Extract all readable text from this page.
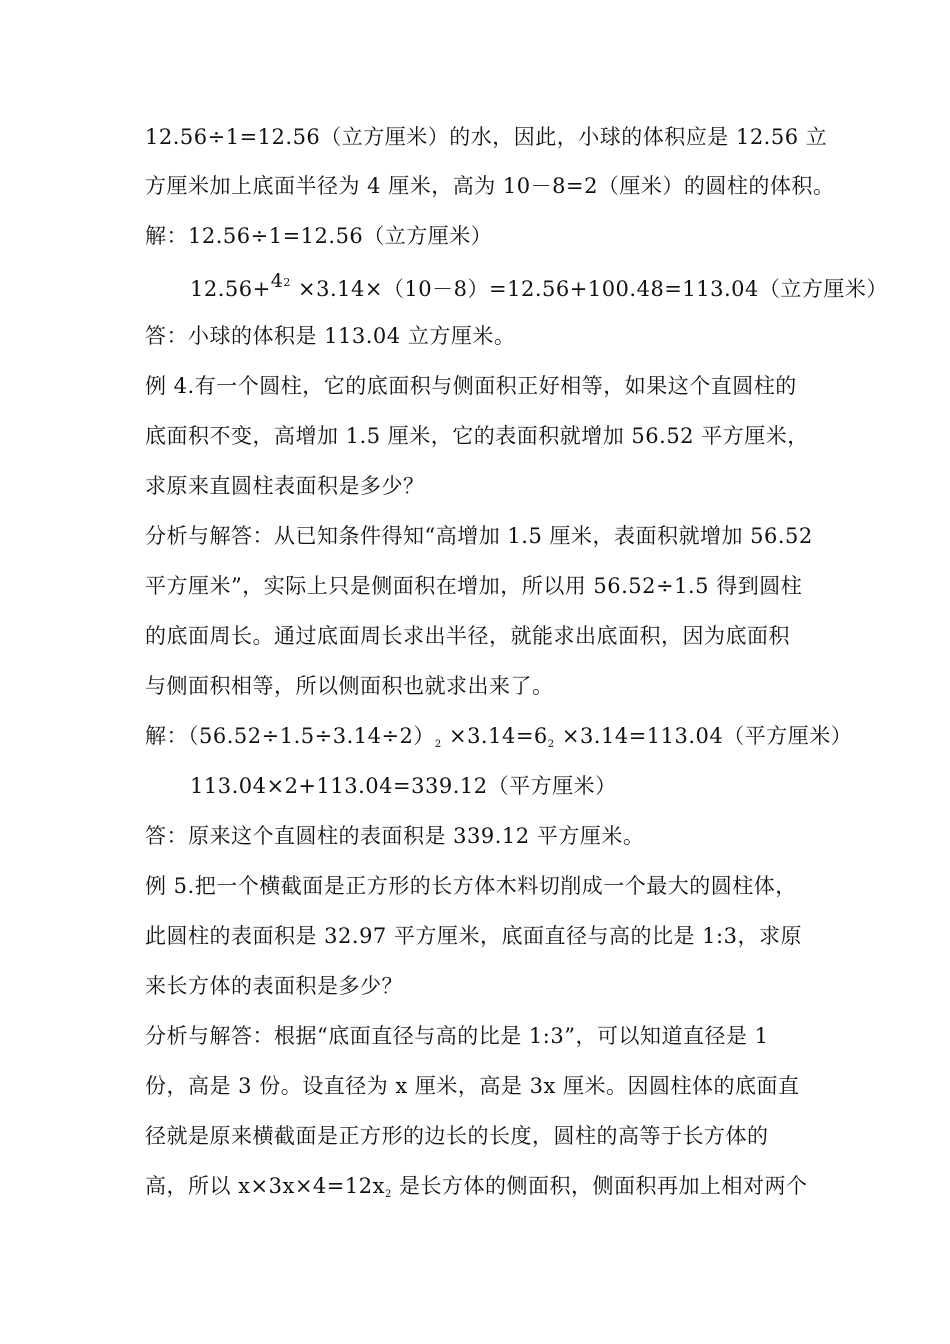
12.56÷1=12.56（立方厘米）的水，因此，小球的体积应是 12.56 立
方厘米加上底面半径为 4 厘米，高为 10－8=2（厘米）的圆柱的体积。
解：12.56÷1=12.56（立方厘米）
$12.56+4^2 \times 3.14\times(10-8)=12.56+100.48=113.04$（立方厘米）
答：小球的体积是 113.04 立方厘米。
例 4.有一个圆柱，它的底面积与侧面积正好相等，如果这个直圆柱的
底面积不变，高增加 1.5 厘米，它的表面积就增加 56.52 平方厘米，
求原来直圆柱表面积是多少？
分析与解答：从已知条件得知“高增加 1.5 厘米，表面积就增加 56.52
平方厘米”，实际上只是侧面积在增加，所以用 56.52÷1.5 得到圆柱
的底面周长。通过底面周长求出半径，就能求出底面积，因为底面积
与侧面积相等，所以侧面积也就求出来了。
解：（56.52÷1.5÷3.14÷2）2 ×3.14=62 ×3.14=113.04（平方厘米）
113.04×2+113.04=339.12（平方厘米）
答：原来这个直圆柱的表面积是 339.12 平方厘米。
例 5.把一个横截面是正方形的长方体木料切削成一个最大的圆柱体，
此圆柱的表面积是 32.97 平方厘米，底面直径与高的比是 1:3，求原
来长方体的表面积是多少？
分析与解答：根据“底面直径与高的比是 1:3”，可以知道直径是 1
份，高是 3 份。设直径为 x 厘米，高是 3x 厘米。因圆柱体的底面直
径就是原来横截面是正方形的边长的长度，圆柱的高等于长方体的
高，所以 x×3x×4=12x2 是长方体的侧面积，侧面积再加上相对两个
